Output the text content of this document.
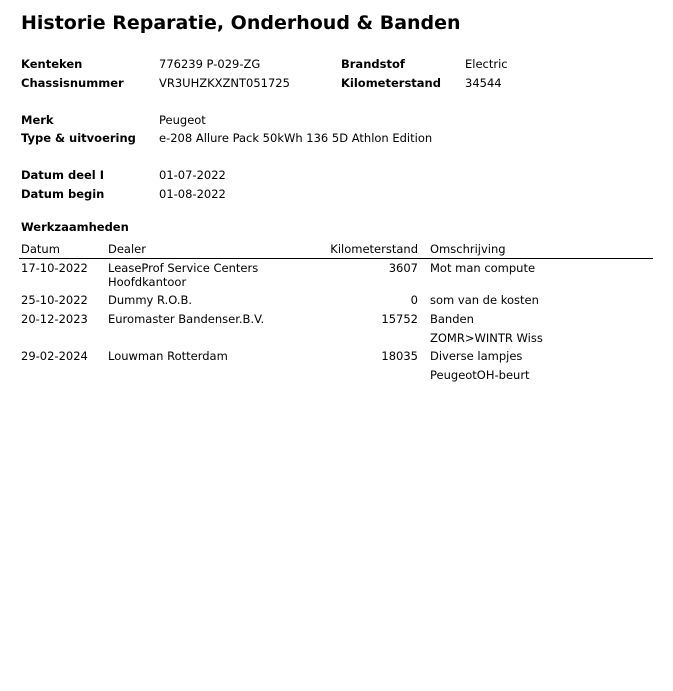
Historie Reparatie, Onderhoud & Banden
Kenteken	776239 P-029-ZG	Brandstof	Electric
Chassisnummer	VR3UHZKXZNT051725	Kilometerstand 34544
Merk	Peugeot
Type & uitvoering e-208 Allure Pack 50kWh 136 5D Athlon Edition
Datum deel I	01-07-2022
Datum begin	01-08-2022
Werkzaamheden
Datum	Dealer	Kilometerstand Omschrijving
17-10-2022 LeaseProf Service Centers
Hoofdkantoor
3607 Mot man compute
25-10-2022 Dummy R.O.B.	0 som van de kosten
20-12-2023 Euromaster Bandenser.B.V.	15752 Banden
ZOMR>WINTR Wiss
29-02-2024 Louwman Rotterdam	18035 Diverse lampjes
PeugeotOH-beurt
